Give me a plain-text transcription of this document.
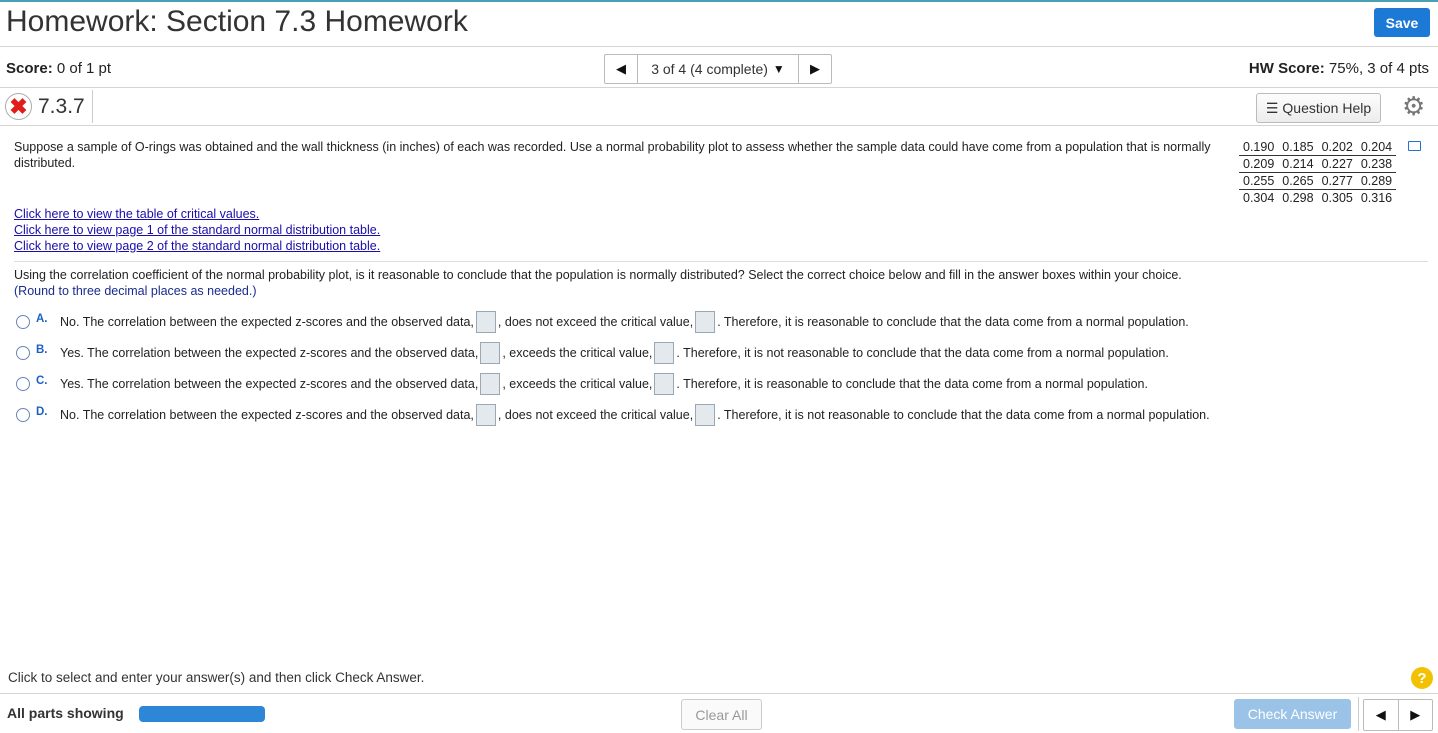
Homework: Section 7.3 Homework	Save
Score: 0 of 1 pt	◀ 3 of 4 (4 complete) ▼ ▶	HW Score: 75%, 3 of 4 pts
✖ 7.3.7	☰ Question Help ⚙
Suppose a sample of O-rings was obtained and the wall thickness (in inches) of each was recorded. Use a normal probability plot to assess whether the sample data could have come from a population that is normally distributed.
0.190	0.185	0.202	0.204
0.209	0.214	0.227	0.238
0.255	0.265	0.277	0.289
0.304	0.298	0.305	0.316
Click here to view the table of critical values.
Click here to view page 1 of the standard normal distribution table.
Click here to view page 2 of the standard normal distribution table.
Using the correlation coefficient of the normal probability plot, is it reasonable to conclude that the population is normally distributed? Select the correct choice below and fill in the answer boxes within your choice.
(Round to three decimal places as needed.)
A.	No. The correlation between the expected z-scores and the observed data, , does not exceed the critical value, . Therefore, it is reasonable to conclude that the data come from a normal population.
B.	Yes. The correlation between the expected z-scores and the observed data, , exceeds the critical value, . Therefore, it is not reasonable to conclude that the data come from a normal population.
C.	Yes. The correlation between the expected z-scores and the observed data, , exceeds the critical value, . Therefore, it is reasonable to conclude that the data come from a normal population.
D.	No. The correlation between the expected z-scores and the observed data, , does not exceed the critical value, . Therefore, it is not reasonable to conclude that the data come from a normal population.
Click to select and enter your answer(s) and then click Check Answer.	?
All parts showing	Clear All	Check Answer	◀ ▶
